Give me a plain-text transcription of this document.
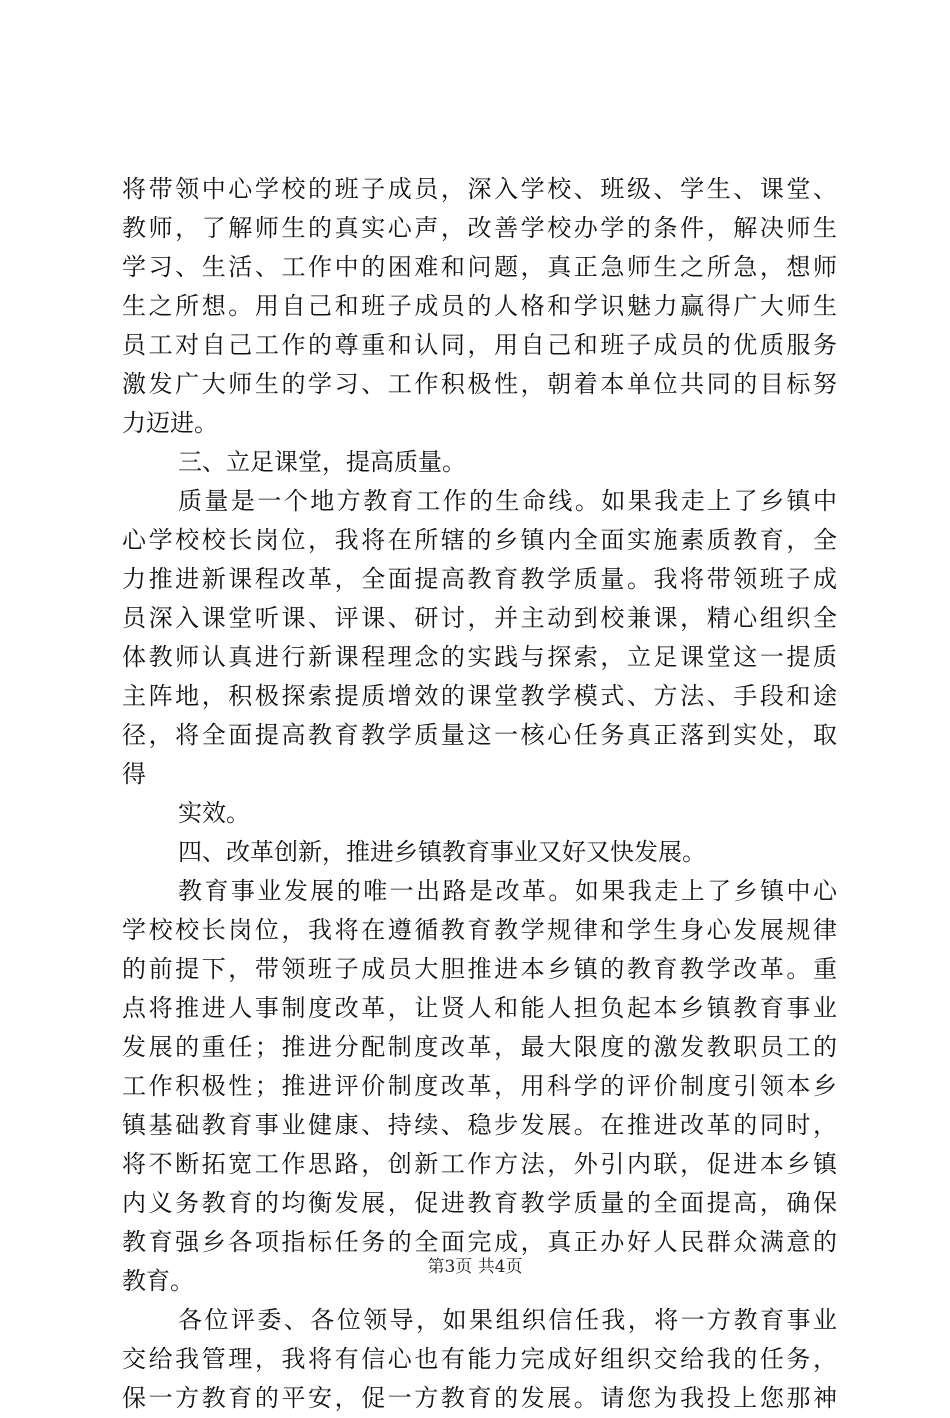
将带领中心学校的班子成员，深入学校、班级、学生、课堂、
教师，了解师生的真实心声，改善学校办学的条件，解决师生
学习、生活、工作中的困难和问题，真正急师生之所急，想师
生之所想。用自己和班子成员的人格和学识魅力赢得广大师生
员工对自己工作的尊重和认同，用自己和班子成员的优质服务
激发广大师生的学习、工作积极性，朝着本单位共同的目标努
力迈进。
三、立足课堂，提高质量。
质量是一个地方教育工作的生命线。如果我走上了乡镇中
心学校校长岗位，我将在所辖的乡镇内全面实施素质教育，全
力推进新课程改革，全面提高教育教学质量。我将带领班子成
员深入课堂听课、评课、研讨，并主动到校兼课，精心组织全
体教师认真进行新课程理念的实践与探索，立足课堂这一提质
主阵地，积极探索提质增效的课堂教学模式、方法、手段和途
径，将全面提高教育教学质量这一核心任务真正落到实处，取
得
实效。
四、改革创新，推进乡镇教育事业又好又快发展。
教育事业发展的唯一出路是改革。如果我走上了乡镇中心
学校校长岗位，我将在遵循教育教学规律和学生身心发展规律
的前提下，带领班子成员大胆推进本乡镇的教育教学改革。重
点将推进人事制度改革，让贤人和能人担负起本乡镇教育事业
发展的重任；推进分配制度改革，最大限度的激发教职员工的
工作积极性；推进评价制度改革，用科学的评价制度引领本乡
镇基础教育事业健康、持续、稳步发展。在推进改革的同时，
将不断拓宽工作思路，创新工作方法，外引内联，促进本乡镇
内义务教育的均衡发展，促进教育教学质量的全面提高，确保
教育强乡各项指标任务的全面完成，真正办好人民群众满意的
教育。
各位评委、各位领导，如果组织信任我，将一方教育事业
交给我管理，我将有信心也有能力完成好组织交给我的任务，
保一方教育的平安，促一方教育的发展。请您为我投上您那神
第3页 共4页
